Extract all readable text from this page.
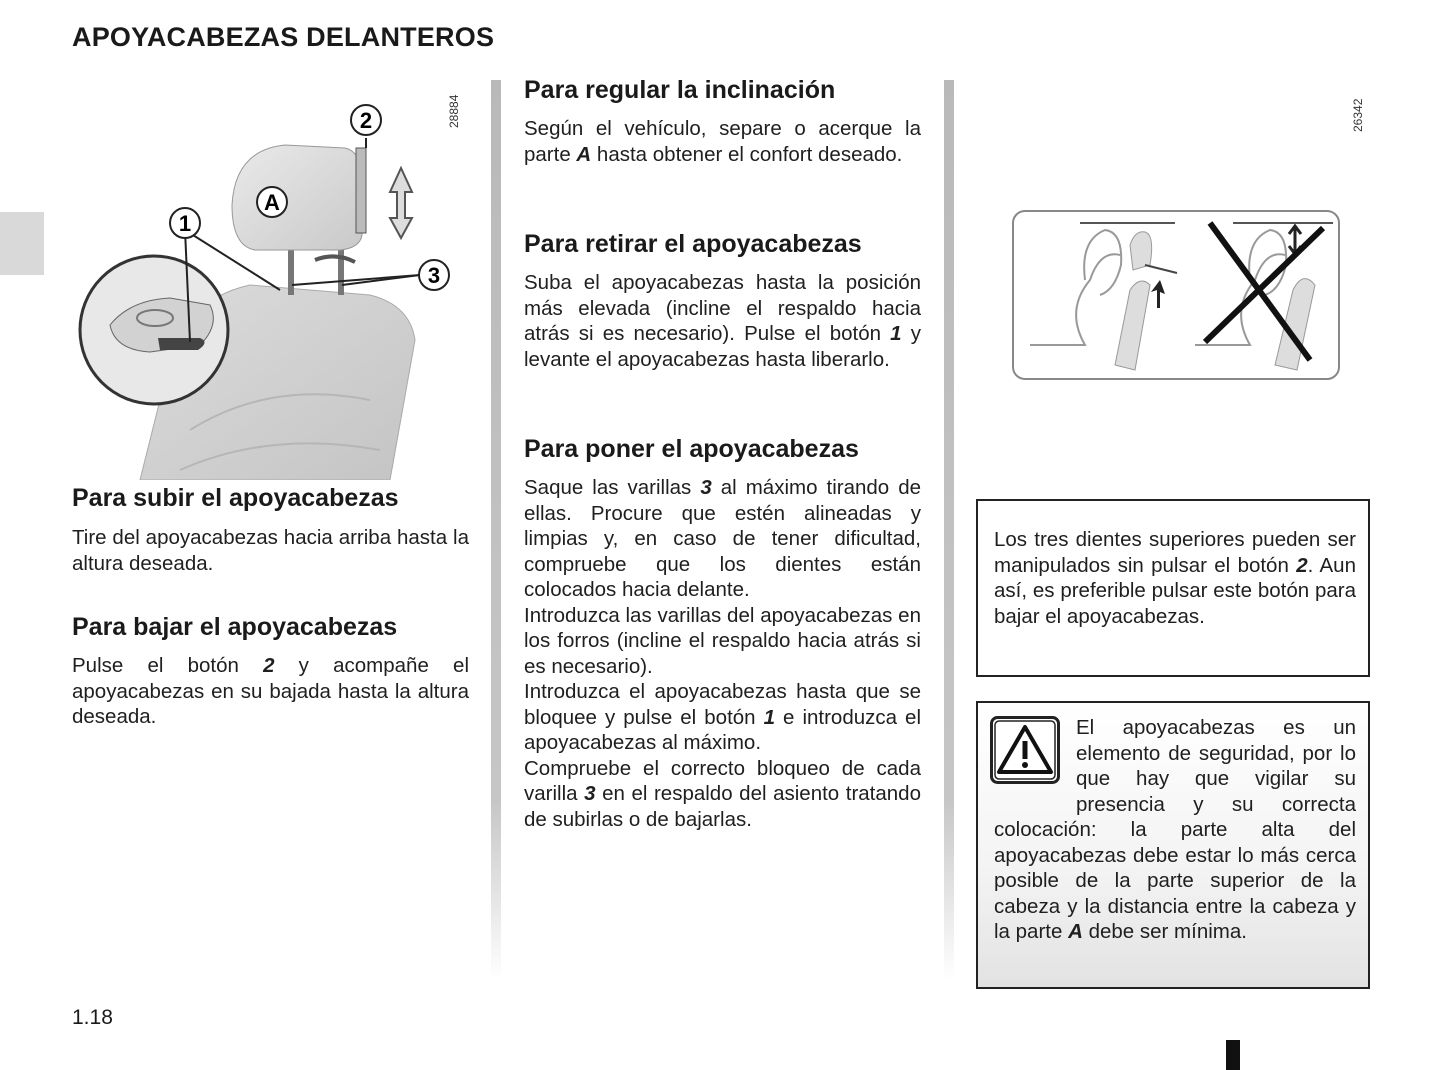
APOYACABEZAS DELANTEROS
2
1
3
A
28884	26342
Para subir el apoyacabezas

Tire del apoyacabezas hacia arriba hasta la altura deseada.

Para bajar el apoyacabezas

Pulse el botón 2 y acompañe el apoyacabezas en su bajada hasta la altura deseada.

Para regular la inclinación

Según el vehículo, separe o acerque la parte A hasta obtener el confort deseado.

Para retirar el apoyacabezas

Suba el apoyacabezas hasta la posición más elevada (incline el respaldo hacia atrás si es necesario). Pulse el botón 1 y levante el apoyacabezas hasta liberarlo.

Para poner el apoyacabezas

Saque las varillas 3 al máximo tirando de ellas. Procure que estén alineadas y limpias y, en caso de tener dificultad, compruebe que los dientes están colocados hacia delante.

Introduzca las varillas del apoyacabezas en los forros (incline el respaldo hacia atrás si es necesario).

Introduzca el apoyacabezas hasta que se bloquee y pulse el botón 1 e introduzca el apoyacabezas al máximo.

Compruebe el correcto bloqueo de cada varilla 3 en el respaldo del asiento tratando de subirlas o de bajarlas.

Los tres dientes superiores pueden ser manipulados sin pulsar el botón 2. Aun así, es preferible pulsar este botón para bajar el apoyacabezas.

El apoyacabezas es un elemento de seguridad, por lo que hay que vigilar su presencia y su correcta colocación: la parte alta del apoyacabezas debe estar lo más cerca posible de la parte superior de la cabeza y la distancia entre la cabeza y la parte A debe ser mínima.

1.18
